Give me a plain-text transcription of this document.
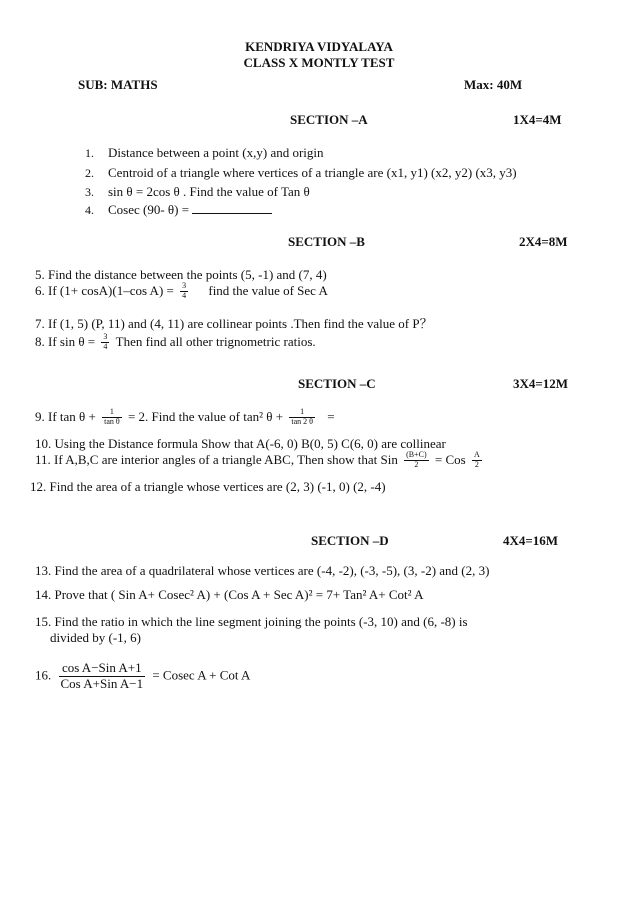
KENDRIYA VIDYALAYA
CLASS X MONTLY TEST
SUB: MATHS	Max: 40M
SECTION –A	1X4=4M
1. Distance between a point (x,y) and origin
2. Centroid of a triangle where vertices of a triangle are (x1, y1) (x2, y2) (x3, y3)
3. sin θ = 2cos θ . Find the value of Tan θ
4. Cosec (90- θ) =
SECTION –B	2X4=8M
5. Find the distance between the points (5, -1) and (7, 4)
6. If (1+ cosA)(1–cos $A) = \frac{3}{4}$ find the value of Sec A
7. If (1, 5) (P, 11) and (4, 11) are collinear points .Then find the value of P？
8. If $\sin \theta = \frac{3}{4}$ Then find all other trignometric ratios.
SECTION –C	3X4=12M
9. If $\tan \theta + \frac{1}{\text{tan θ}} = 2$. Find the value of tan² $\theta + \frac{1}{\tan 2 \theta}$ =
10. Using the Distance formula Show that A(-6, 0) B(0, 5) C(6, 0) are collinear
11. If A,B,C are interior angles of a triangle ABC, Then show that Sin $\frac{(B+C)}{2}$ = Cos $\frac{A}{2}$
12. Find the area of a triangle whose vertices are (2, 3) (-1, 0) (2, -4)
SECTION –D	4X4=16M
13. Find the area of a quadrilateral whose vertices are (-4, -2), (-3, -5), (3, -2) and (2, 3)
14. Prove that ( Sin A+ Cosec² A) + (Cos A + Sec A)² = 7+ Tan² A+ Cot² A
15. Find the ratio in which the line segment joining the points (-3, 10) and (6, -8) is
divided by (-1, 6)
16. $\frac{\text{cos A−Sin A+1}}{\text{Cos A+Sin A−1}} = Cosec$ A + Cot A
